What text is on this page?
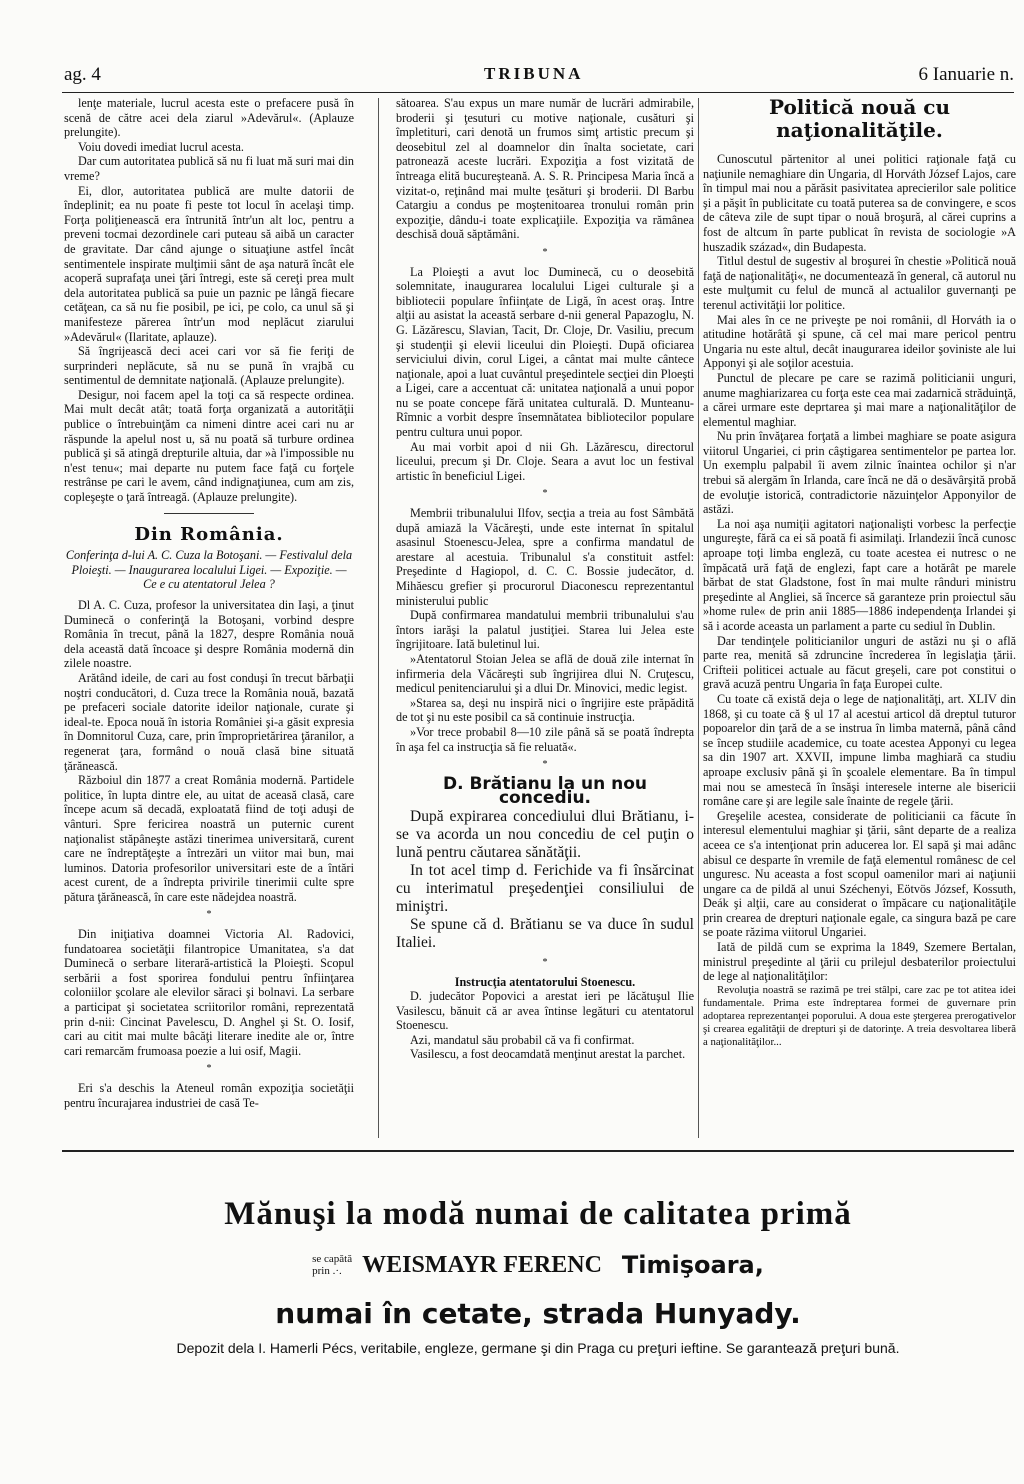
ag. 4	TRIBUNA	6 Ianuarie n.

lenţe materiale, lucrul acesta este o prefacere pusă în scenă de către acei dela ziarul »Adevărul«. (Aplauze prelungite).

Voiu dovedi imediat lucrul acesta.

Dar cum autoritatea publică să nu fi luat mă suri mai din vreme?

Ei, dlor, autoritatea publică are multe datorii de îndeplinit; ea nu poate fi peste tot locul în acelaşi timp. Forţa poliţienească era întrunită într'un alt loc, pentru a preveni tocmai dezordinele cari puteau să aibă un caracter de gravitate. Dar când ajunge o situaţiune astfel încât sentimentele inspirate mulţimii sânt de aşa natură încât ele acoperă suprafaţa unei ţări întregi, este să cereţi prea mult dela autoritatea publică sa puie un paznic pe lângă fiecare cetăţean, ca să nu fie posibil, pe ici, pe colo, ca unul să şi manifesteze părerea într'un mod neplăcut ziarului »Adevărul« (Ilaritate, aplauze).

Să îngrijească deci acei cari vor să fie feriţi de surprinderi neplăcute, să nu se pună în vrajbă cu sentimentul de demnitate naţională. (Aplauze prelungite).

Desigur, noi facem apel la toţi ca să respecte ordinea. Mai mult decât atât; toată forţa organizată a autorităţii publice o întrebuinţăm ca nimeni dintre acei cari nu ar răspunde la apelul nost u, să nu poată să turbure ordinea publică şi să atingă drepturile altuia, dar »à l'impossible nu n'est tenu«; mai departe nu putem face faţă cu forţele restrânse pe cari le avem, când indignaţiunea, cum am zis, copleşeşte o ţară întreagă. (Aplauze prelungite).

Din România.

Conferinţa d-lui A. C. Cuza la Botoşani. — Festivalul dela Ploieşti. — Inaugurarea localului Ligei. — Expoziţie. — Ce e cu atentatorul Jelea ?

Dl A. C. Cuza, profesor la universitatea din Iaşi, a ţinut Duminecă o conferinţă la Botoşani, vorbind despre România în trecut, până la 1827, despre România nouă dela această dată încoace şi despre România modernă din zilele noastre.

Arătând ideile, de cari au fost conduşi în trecut bărbaţii noştri conducători, d. Cuza trece la România nouă, bazată pe prefaceri sociale datorite ideilor naţionale, curate şi ideal-te. Epoca nouă în istoria României şi-a găsit expresia în Domnitorul Cuza, care, prin împroprietărirea ţăranilor, a regenerat ţara, formând o nouă clasă bine situată ţărănească.

Războiul din 1877 a creat România modernă. Partidele politice, în lupta dintre ele, au uitat de aceasă clasă, care începe acum să decadă, exploatată fiind de toţi aduşi de vânturi. Spre fericirea noastră un puternic curent naţionalist stăpâneşte astăzi tinerimea universitară, curent care ne îndreptăţeşte a întrezări un viitor mai bun, mai luminos. Datoria profesorilor universitari este de a întări acest curent, de a îndrepta privirile tinerimii culte spre pătura ţărănească, în care este nădejdea noastră.

*

Din iniţiativa doamnei Victoria Al. Radovici, fundatoarea societăţii filantropice Umanitatea, s'a dat Duminecă o serbare literară-artistică la Ploieşti. Scopul serbării a fost sporirea fondului pentru înfiinţarea coloniilor şcolare ale elevilor săraci şi bolnavi. La serbare a participat şi societatea scriitorilor români, reprezentată prin d-nii: Cincinat Pavelescu, D. Anghel şi St. O. Iosif, cari au citit mai multe bâcăţi literare inedite ale or, între cari remarcăm frumoasa poezie a lui osif, Magii.

*

Eri s'a deschis la Ateneul român expoziţia societăţii pentru încurajarea industriei de casă Te-

sătoarea. S'au expus un mare număr de lucrări admirabile, broderii şi ţesuturi cu motive naţionale, cusături şi împletituri, cari denotă un frumos simţ artistic precum şi deosebitul zel al doamnelor din înalta societate, cari patronează aceste lucrări. Expoziţia a fost vizitată de întreaga elită bucureşteană. A. S. R. Principesa Maria încă a vizitat-o, reţinând mai multe ţesături şi broderii. Dl Barbu Catargiu a condus pe moştenitoarea tronului român prin expoziţie, dându-i toate explicaţiile. Expoziţia va rămânea deschisă două săptămâni.

*

La Ploieşti a avut loc Duminecă, cu o deosebită solemnitate, inaugurarea localului Ligei culturale şi a bibliotecii populare înfiinţate de Ligă, în acest oraş. Intre alţii au asistat la această serbare d-nii general Papazoglu, N. G. Lăzărescu, Slavian, Tacit, Dr. Cloje, Dr. Vasiliu, precum şi studenţii şi elevii liceului din Ploieşti. După oficiarea serviciului divin, corul Ligei, a cântat mai multe cântece naţionale, apoi a luat cuvântul preşedintele secţiei din Ploeşti a Ligei, care a accentuat că: unitatea naţională a unui popor nu se poate concepe fără unitatea culturală. D. Munteanu-Rîmnic a vorbit despre însemnătatea bibliotecilor populare pentru cultura unui popor.

Au mai vorbit apoi d nii Gh. Lăzărescu, directorul liceului, precum şi Dr. Cloje. Seara a avut loc un festival artistic în beneficiul Ligei.

*

Membrii tribunalului Ilfov, secţia a treia au fost Sâmbătă după amiază la Văcăreşti, unde este internat în spitalul asasinul Stoenescu-Jelea, spre a confirma mandatul de arestare al acestuia. Tribunalul s'a constituit astfel: Preşedinte d Hagiopol, d. C. C. Bossie judecător, d. Mihăescu grefier şi procurorul Diaconescu reprezentantul ministerului public

După confirmarea mandatului membrii tribunalului s'au întors iarăşi la palatul justiţiei. Starea lui Jelea este îngrijitoare. Iată buletinul lui.

»Atentatorul Stoian Jelea se află de două zile internat în infirmeria dela Văcăreşti sub îngrijirea dlui N. Cruţescu, medicul penitenciarului şi a dlui Dr. Minovici, medic legist.

»Starea sa, deşi nu inspiră nici o îngrijire este prăpădită de tot şi nu este posibil ca să continuie instrucţia.

»Vor trece probabil 8—10 zile până să se poată îndrepta în aşa fel ca instrucţia să fie reluată«.

*

D. Brătianu la un nou concediu.

După expirarea concediului dlui Brătianu, i-se va acorda un nou concediu de cel puţin o lună pentru căutarea sănătăţii.

In tot acel timp d. Ferichide va fi însărcinat cu interimatul preşedenţiei consiliului de miniştri.

Se spune că d. Brătianu se va duce în sudul Italiei.

*

Instrucţia atentatorului Stoenescu.

D. judecător Popovici a arestat ieri pe lăcătuşul Ilie Vasilescu, bănuit că ar avea întinse legături cu atentatorul Stoenescu.

Azi, mandatul său probabil că va fi confirmat.

Vasilescu, a fost deocamdată menţinut arestat la parchet.

Politică nouă cu naţionalităţile.

Cunoscutul părtenitor al unei politici raţionale faţă cu naţiunile nemaghiare din Ungaria, dl Horváth József Lajos, care în timpul mai nou a părăsit pasivitatea aprecierilor sale politice şi a păşit în publicitate cu toată puterea sa de convingere, e scos de câteva zile de supt tipar o nouă broşură, al cărei cuprins a fost de altcum în parte publicat în revista de sociologie »A huszadik század«, din Budapesta.

Titlul destul de sugestiv al broşurei în chestie »Politică nouă faţă de naţionalităţi«, ne documentează în general, că autorul nu este mulţumit cu felul de muncă al actualilor guvernanţi pe terenul activităţii lor politice.

Mai ales în ce ne priveşte pe noi românii, dl Horváth ia o atitudine hotărâtă şi spune, că cel mai mare pericol pentru Ungaria nu este altul, decât inaugurarea ideilor şoviniste ale lui Apponyi şi ale soţilor acestuia.

Punctul de plecare pe care se razimă politicianii unguri, anume maghiarizarea cu forţa este cea mai zadarnică străduinţă, a cărei urmare este deprtarea şi mai mare a naţionalităţilor de elementul maghiar.

Nu prin învăţarea forţată a limbei maghiare se poate asigura viitorul Ungariei, ci prin câştigarea sentimentelor pe partea lor. Un exemplu palpabil îi avem zilnic înaintea ochilor şi n'ar trebui să alergăm în Irlanda, care încă ne dă o desăvârşită probă de evoluţie istorică, contradictorie năzuinţelor Apponyilor de astăzi.

La noi aşa numiţii agitatori naţionalişti vorbesc la perfecţie ungureşte, fără ca ei să poată fi asimilaţi. Irlandezii încă cunosc aproape toţi limba engleză, cu toate acestea ei nutresc o ne împăcată ură faţă de englezi, fapt care a hotărât pe marele bărbat de stat Gladstone, fost în mai multe rânduri ministru preşedinte al Angliei, să încerce să garanteze prin proiectul său »home rule« de prin anii 1885—1886 independenţa Irlandei şi să i acorde aceasta un parlament a parte cu sediul în Dublin.

Dar tendinţele politicianilor unguri de astăzi nu şi o află parte rea, menită să zdruncine încrederea în legislaţia ţării. Crifteii politicei actuale au făcut greşeli, care pot constitui o gravă acuză pentru Ungaria în faţa Europei culte.

Cu toate că există deja o lege de naţionalităţi, art. XLIV din 1868, şi cu toate că § ul 17 al acestui articol dă dreptul tuturor popoarelor din ţară de a se instrua în limba maternă, până când se încep studiile academice, cu toate acestea Apponyi cu legea sa din 1907 art. XXVII, impune limba maghiară ca studiu aproape exclusiv până şi în şcoalele elementare. Ba în timpul mai nou se amestecă în însăşi interesele interne ale bisericii române care şi are legile sale înainte de regele ţării.

Greşelile acestea, considerate de politicianii ca făcute în interesul elementului maghiar şi ţării, sânt departe de a realiza aceea ce s'a intenţionat prin aducerea lor. El sapă şi mai adânc abisul ce desparte în vremile de faţă elementul românesc de cel unguresc. Nu aceasta a fost scopul oamenilor mari ai naţiunii ungare ca de pildă al unui Széchenyi, Eötvös József, Kossuth, Deák şi alţii, care au considerat o împăcare cu naţionalităţile prin crearea de drepturi naţionale egale, ca singura bază pe care se poate răzima viitorul Ungariei.

Iată de pildă cum se exprima la 1849, Szemere Bertalan, ministrul preşedinte al ţării cu prilejul desbaterilor proiectului de lege al naţionalităţilor:

Revoluţia noastră se razimă pe trei stâlpi, care zac pe tot atitea idei fundamentale. Prima este îndreptarea formei de guvernare prin adoptarea reprezentanţei poporului. A doua este ştergerea prerogativelor şi crearea egalităţii de drepturi şi de datorinţe. A treia desvoltarea liberă a naţionalităţilor...

Mănuşi la modă numai de calitatea primă
se capătă
prin .·. WEISMAYR FERENC Timişoara,
numai în cetate, strada Hunyady.
Depozit dela I. Hamerli Pécs, veritabile, engleze, germane şi din Praga cu preţuri ieftine. Se garantează preţuri bună.
